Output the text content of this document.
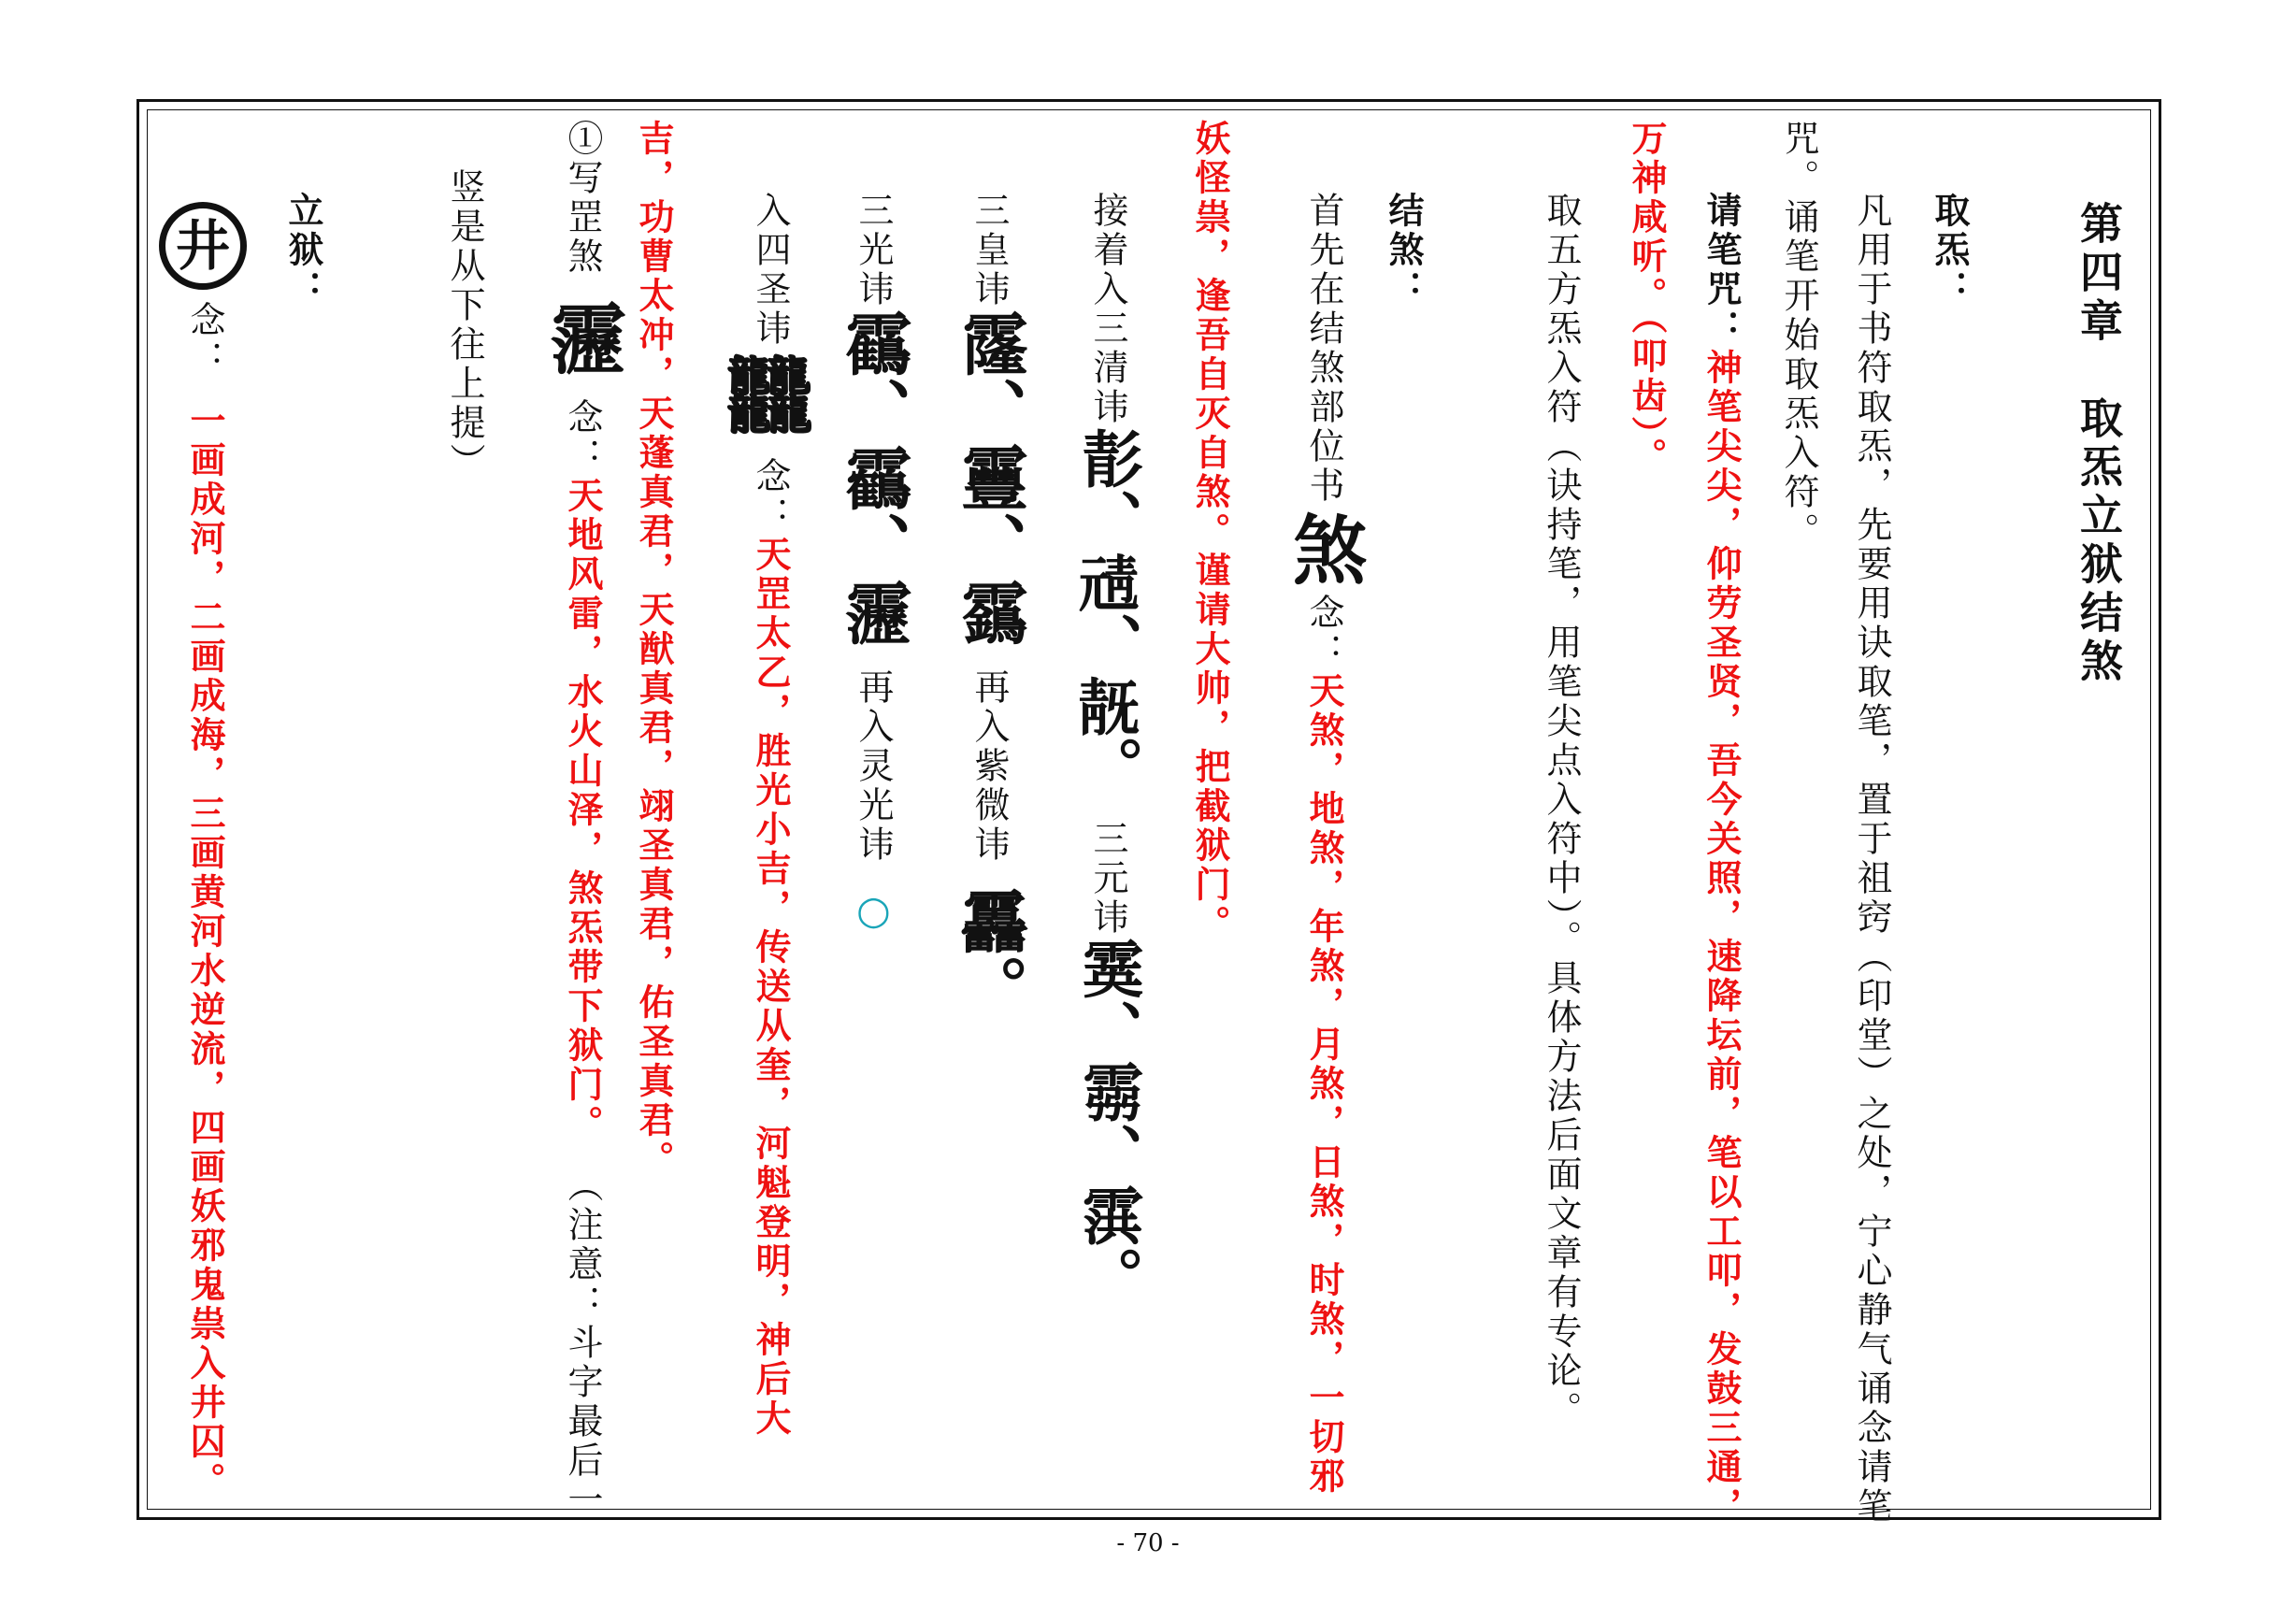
第四章　取炁立狱结煞
取炁：
凡用于书符取炁，先要用诀取笔，置于祖窍（印堂）之处，宁心静气诵念请笔
咒。诵笔开始取炁入符。
请笔咒：神笔尖尖，仰劳圣贤，吾今关照，速降坛前，笔以工叩，发鼓三通，
万神咸听。（叩齿）。
取五方炁入符（诀持笔，用笔尖点入符中）。具体方法后面文章有专论。
结煞：
首先在结煞部位书煞念：天煞，地煞，年煞，月煞，日煞，时煞，一切邪
妖怪祟，逢吾自灭自煞。谨请大帅，把截狱门。
接着入三清讳𩇕、𩇖、𩇗。三元讳霙、霛、霟。
三皇讳霳、靊、靎再入紫微讳靐。
三光讳靍、靏、靋再入灵光讳○
入四圣讳𪚥念：天罡太乙，胜光小吉，传送从奎，河魁登明，神后大
吉，功曹太冲，天蓬真君，天猷真君，翊圣真君，佑圣真君。
①写罡煞靋念：天地风雷，水火山泽，煞炁带下狱门。（注意：斗字最后一
竖是从下往上提）
立狱：
井
念：一画成河，二画成海，三画黄河水逆流，四画妖邪鬼祟入井囚。
- 70 -
